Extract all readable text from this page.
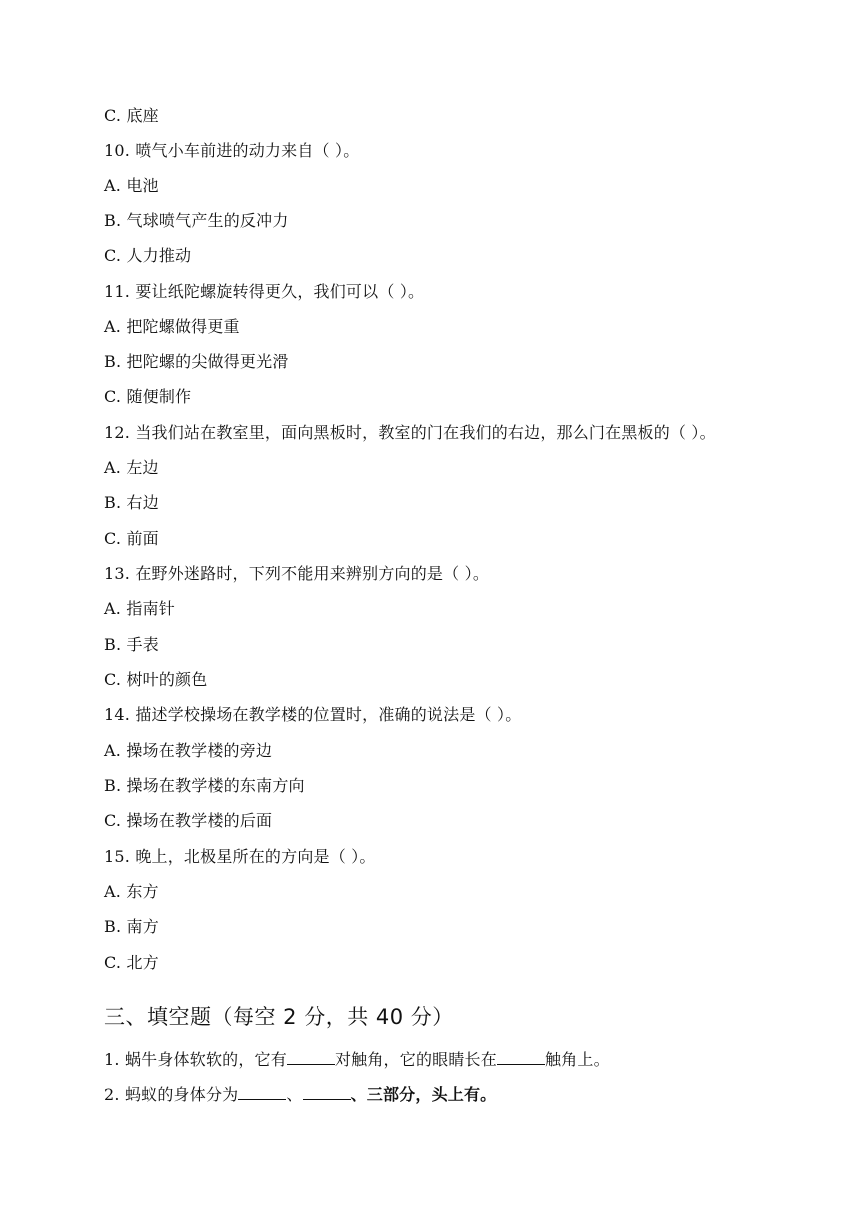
C. 底座
10. 喷气小车前进的动力来自（ ）。
A. 电池
B. 气球喷气产生的反冲力
C. 人力推动
11. 要让纸陀螺旋转得更久，我们可以（ ）。
A. 把陀螺做得更重
B. 把陀螺的尖做得更光滑
C. 随便制作
12. 当我们站在教室里，面向黑板时，教室的门在我们的右边，那么门在黑板的（ ）。
A. 左边
B. 右边
C. 前面
13. 在野外迷路时，下列不能用来辨别方向的是（ ）。
A. 指南针
B. 手表
C. 树叶的颜色
14. 描述学校操场在教学楼的位置时，准确的说法是（ ）。
A. 操场在教学楼的旁边
B. 操场在教学楼的东南方向
C. 操场在教学楼的后面
15. 晚上，北极星所在的方向是（ ）。
A. 东方
B. 南方
C. 北方
三、填空题（每空 2 分，共 40 分）
1. 蜗牛身体软软的，它有	对触角，它的眼睛长在	触角上。
2. 蚂蚁的身体分为	、	、三部分，头上有。
